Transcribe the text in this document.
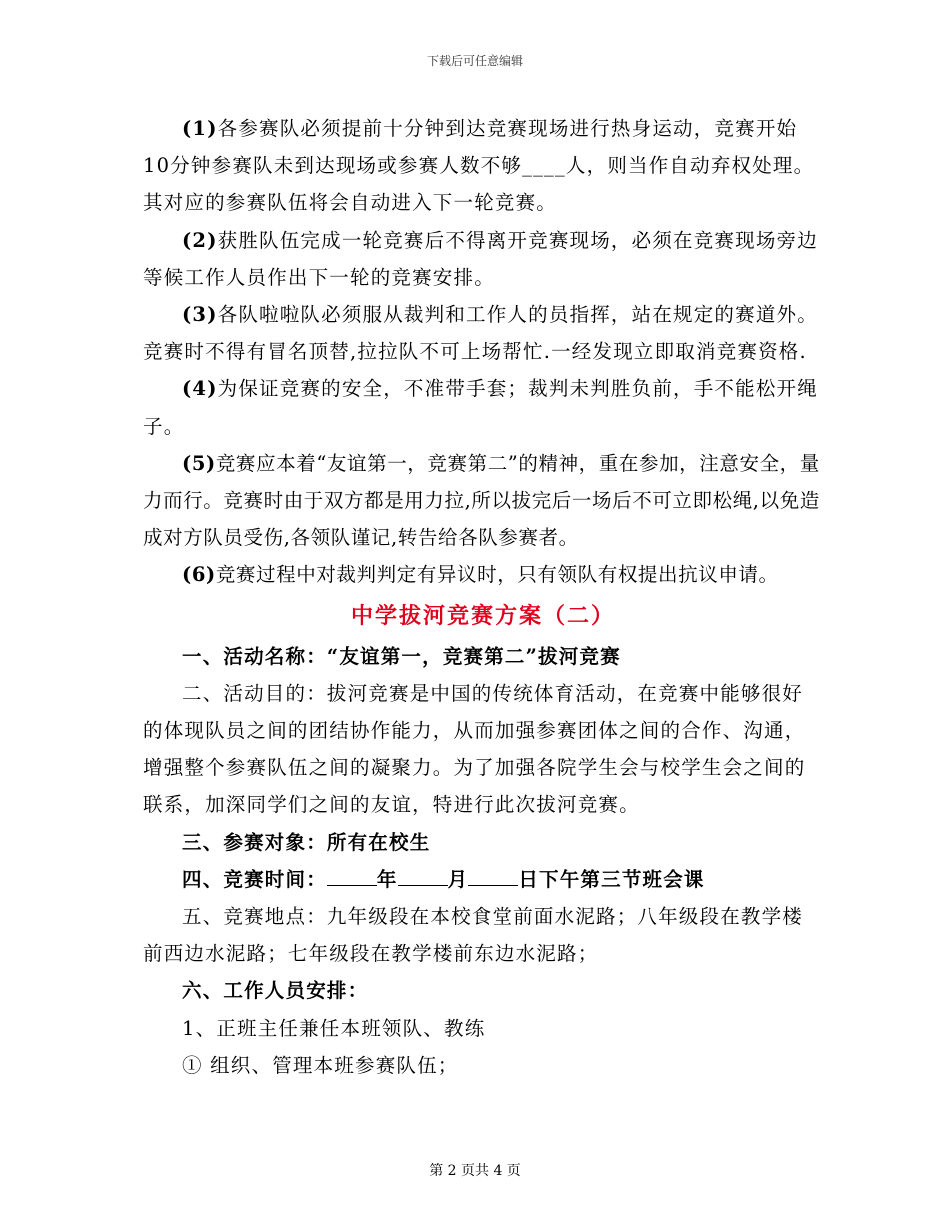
下载后可任意编辑

(1)各参赛队必须提前十分钟到达竞赛现场进行热身运动，竞赛开始10分钟参赛队未到达现场或参赛人数不够____人，则当作自动弃权处理。其对应的参赛队伍将会自动进入下一轮竞赛。

(2)获胜队伍完成一轮竞赛后不得离开竞赛现场，必须在竞赛现场旁边等候工作人员作出下一轮的竞赛安排。

(3)各队啦啦队必须服从裁判和工作人的员指挥，站在规定的赛道外。竞赛时不得有冒名顶替,拉拉队不可上场帮忙.一经发现立即取消竞赛资格.

(4)为保证竞赛的安全，不准带手套；裁判未判胜负前，手不能松开绳子。

(5)竞赛应本着“友谊第一，竞赛第二”的精神，重在参加，注意安全，量力而行。竞赛时由于双方都是用力拉,所以拔完后一场后不可立即松绳,以免造成对方队员受伤,各领队谨记,转告给各队参赛者。

(6)竞赛过程中对裁判判定有异议时，只有领队有权提出抗议申请。

中学拔河竞赛方案（二）

一、活动名称：“友谊第一，竞赛第二”拔河竞赛

二、活动目的：拔河竞赛是中国的传统体育活动，在竞赛中能够很好的体现队员之间的团结协作能力，从而加强参赛团体之间的合作、沟通，增强整个参赛队伍之间的凝聚力。为了加强各院学生会与校学生会之间的联系，加深同学们之间的友谊，特进行此次拔河竞赛。

三、参赛对象：所有在校生

四、竞赛时间：	年	月	日下午第三节班会课

五、竞赛地点：九年级段在本校食堂前面水泥路；八年级段在教学楼前西边水泥路；七年级段在教学楼前东边水泥路；

六、工作人员安排：

1、正班主任兼任本班领队、教练

① 组织、管理本班参赛队伍；

第 2 页共 4 页
